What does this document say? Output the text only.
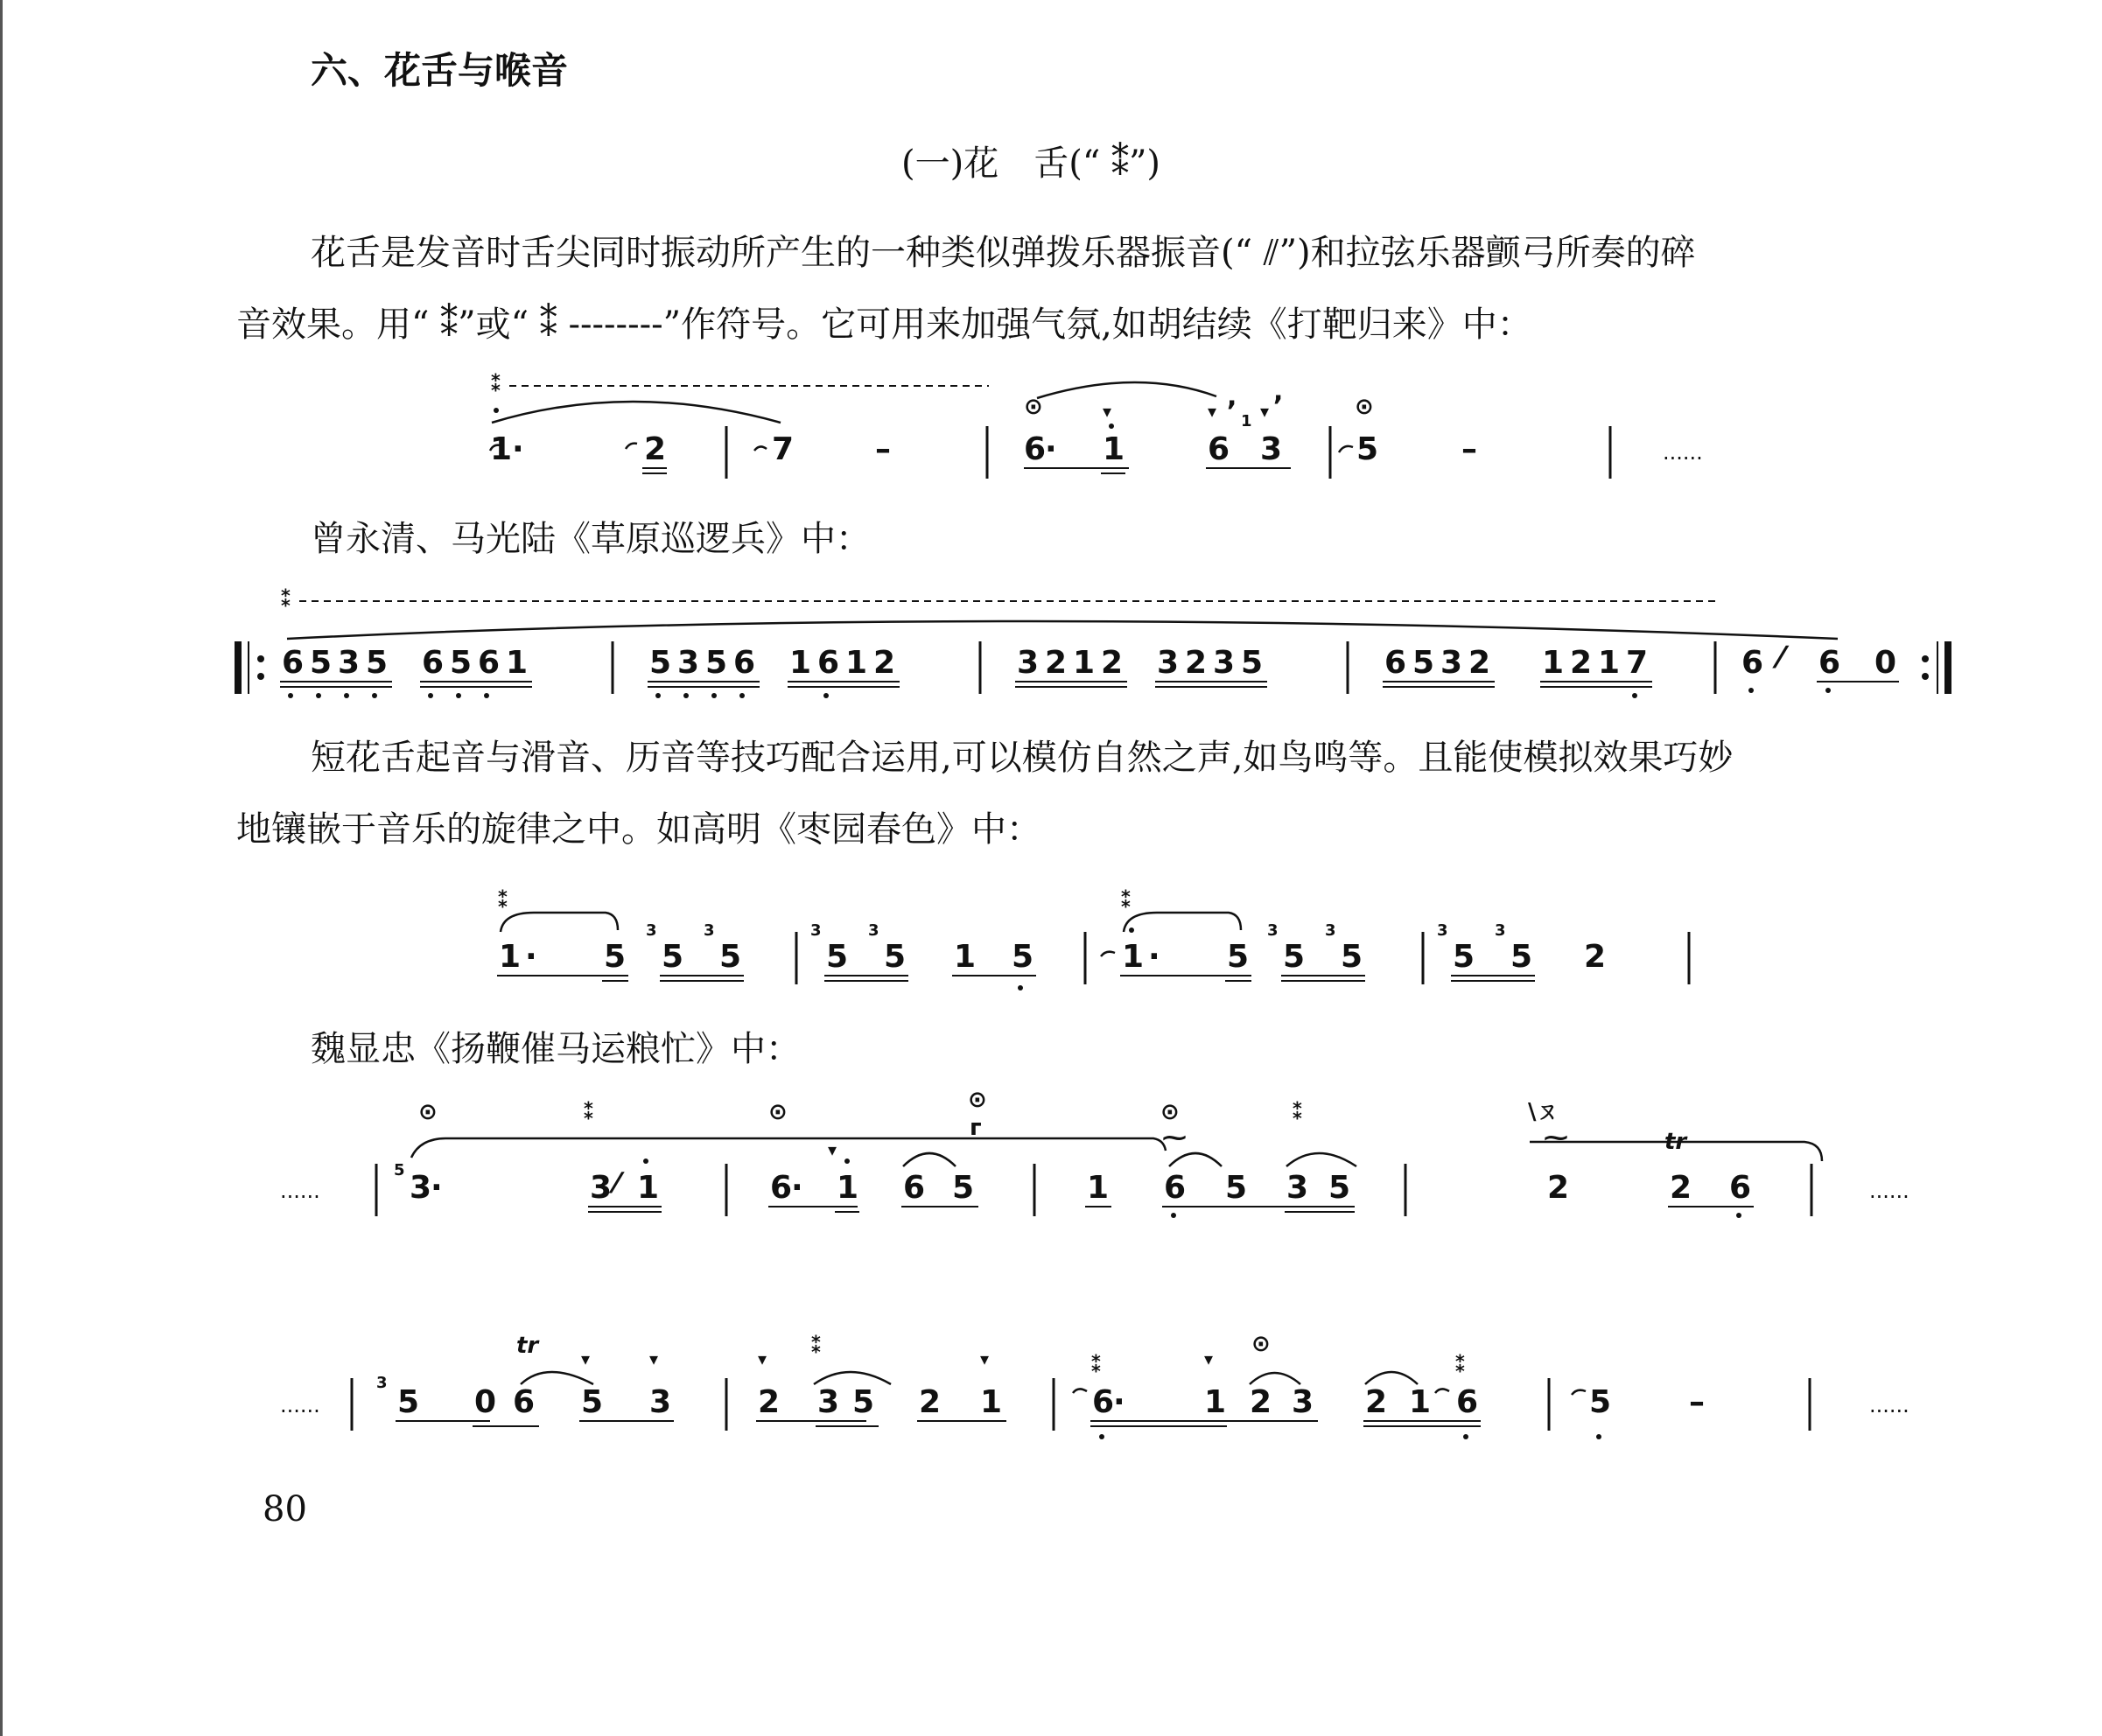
六、花舌与喉音
(一)花　舌(“ ⁑”)
花舌是发音时舌尖同时振动所产生的一种类似弹拨乐器振音(“ ⫽”)和拉弦乐器颤弓所奏的碎
音效果。用“ ⁑”或“ ⁑ --------”作符号。它可用来加强气氛,如胡结续《打靶归来》中：
⁑
1 ·	2	7	–
⊙
6
·
▾
1
▾
6
,
1 ▾
,
3
⊙
5	–	......
曾永清、马光陆《草原巡逻兵》中：
⁑
6 5 3 5 6 5 6 1	5 3 5 6 1 6 1 2	3 2 1 2 3 2 3 5	6 5 3 2 1 2 1 7	6 ⁄ 6 0
短花舌起音与滑音、历音等技巧配合运用,可以模仿自然之声,如鸟鸣等。且能使模拟效果巧妙
地镶嵌于音乐的旋律之中。如高明《枣园春色》中：
⁑
1 · 5
3
5
3
5
3
5
3
5 1 5
⁑
1 · 5
3
5
3
5
3
5
3
5 2
魏显忠《扬鞭催马运粮忙》中：
......
⊙	⁑	⊙
5 3
·	3 ⁄ 1	6
·
▾
1
⊙
ᴦ
6 5
⊙
⁓
⁑	\ㄡ
1 6 5 3 5
⁓	tr
2	2 6	......
......
3
5
tr
0 6
▾
5
▾
3
▾
2
⁑
3 5 2
▾
1
⁑
6
·
▾
1
⊙
2 3 2 1
⁑
6	5 –	......
80
